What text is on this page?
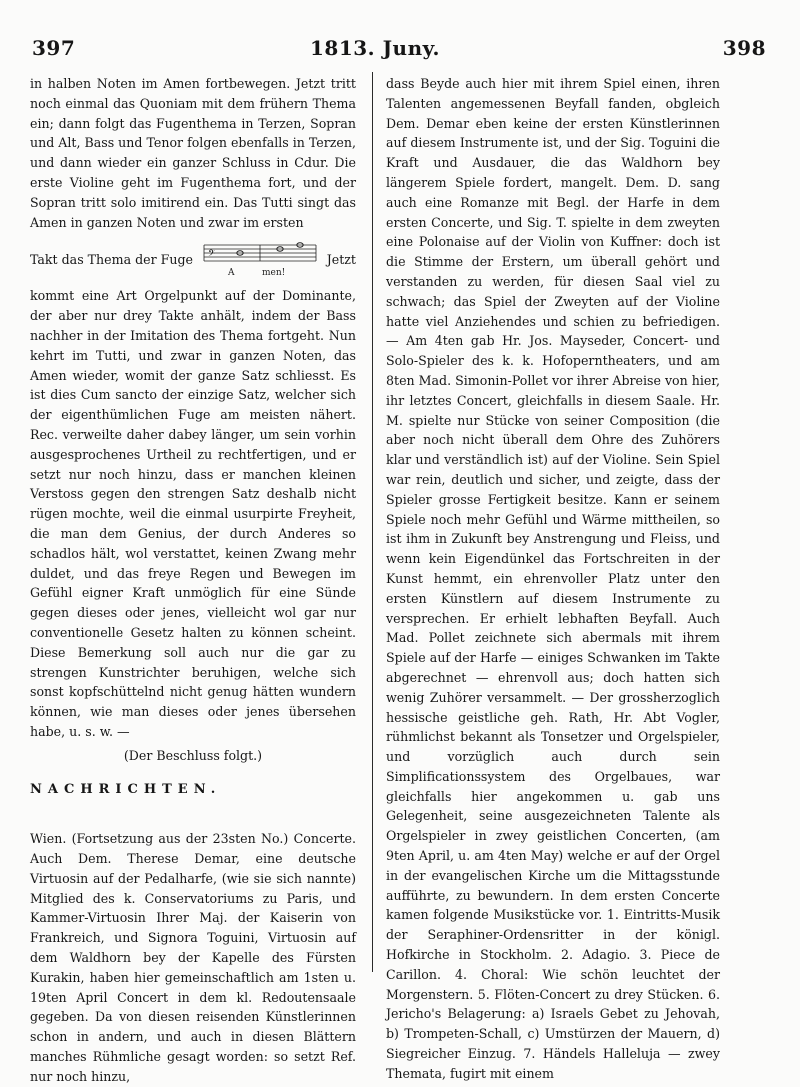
397	1813. Juny.	398

in halben Noten im Amen fortbewegen. Jetzt tritt noch einmal das Quoniam mit dem frühern Thema ein; dann folgt das Fugenthema in Terzen, Sopran und Alt, Bass und Tenor folgen ebenfalls in Terzen, und dann wieder ein ganzer Schluss in Cdur. Die erste Violine geht im Fugenthema fort, und der Sopran tritt solo imitirend ein. Das Tutti singt das Amen in ganzen Noten und zwar im ersten

Takt das Thema der Fuge 𝄢
A	men!
Jetzt

kommt eine Art Orgelpunkt auf der Dominante, der aber nur drey Takte anhält, indem der Bass nachher in der Imitation des Thema fortgeht. Nun kehrt im Tutti, und zwar in ganzen Noten, das Amen wieder, womit der ganze Satz schliesst. Es ist dies Cum sancto der einzige Satz, welcher sich der eigenthümlichen Fuge am meisten nähert. Rec. verweilte daher dabey länger, um sein vorhin ausgesprochenes Urtheil zu rechtfertigen, und er setzt nur noch hinzu, dass er manchen kleinen Verstoss gegen den strengen Satz deshalb nicht rügen mochte, weil die einmal usurpirte Freyheit, die man dem Genius, der durch Anderes so schadlos hält, wol verstattet, keinen Zwang mehr duldet, und das freye Regen und Bewegen im Gefühl eigner Kraft unmöglich für eine Sünde gegen dieses oder jenes, vielleicht wol gar nur conventionelle Gesetz halten zu können scheint. Diese Bemerkung soll auch nur die gar zu strengen Kunstrichter beruhigen, welche sich sonst kopfschüttelnd nicht genug hätten wundern können, wie man dieses oder jenes übersehen habe, u. s. w. —

(Der Beschluss folgt.)
NACHRICHTEN.

Wien. (Fortsetzung aus der 23sten No.) Concerte. Auch Dem. Therese Demar, eine deutsche Virtuosin auf der Pedalharfe, (wie sie sich nannte) Mitglied des k. Conservatoriums zu Paris, und Kammer-Virtuosin Ihrer Maj. der Kaiserin von Frankreich, und Signora Toguini, Virtuosin auf dem Waldhorn bey der Kapelle des Fürsten Kurakin, haben hier gemeinschaftlich am 1sten u. 19ten April Concert in dem kl. Redoutensaale gegeben. Da von diesen reisenden Künstlerinnen schon in andern, und auch in diesen Blättern manches Rühmliche gesagt worden: so setzt Ref. nur noch hinzu,

dass Beyde auch hier mit ihrem Spiel einen, ihren Talenten angemessenen Beyfall fanden, obgleich Dem. Demar eben keine der ersten Künstlerinnen auf diesem Instrumente ist, und der Sig. Toguini die Kraft und Ausdauer, die das Waldhorn bey längerem Spiele fordert, mangelt. Dem. D. sang auch eine Romanze mit Begl. der Harfe in dem ersten Concerte, und Sig. T. spielte in dem zweyten eine Polonaise auf der Violin von Kuffner: doch ist die Stimme der Erstern, um überall gehört und verstanden zu werden, für diesen Saal viel zu schwach; das Spiel der Zweyten auf der Violine hatte viel Anziehendes und schien zu befriedigen. — Am 4ten gab Hr. Jos. Mayseder, Concert- und Solo-Spieler des k. k. Hofoperntheaters, und am 8ten Mad. Simonin-Pollet vor ihrer Abreise von hier, ihr letztes Concert, gleichfalls in diesem Saale. Hr. M. spielte nur Stücke von seiner Composition (die aber noch nicht überall dem Ohre des Zuhörers klar und verständlich ist) auf der Violine. Sein Spiel war rein, deutlich und sicher, und zeigte, dass der Spieler grosse Fertigkeit besitze. Kann er seinem Spiele noch mehr Gefühl und Wärme mittheilen, so ist ihm in Zukunft bey Anstrengung und Fleiss, und wenn kein Eigendünkel das Fortschreiten in der Kunst hemmt, ein ehrenvoller Platz unter den ersten Künstlern auf diesem Instrumente zu versprechen. Er erhielt lebhaften Beyfall. Auch Mad. Pollet zeichnete sich abermals mit ihrem Spiele auf der Harfe — einiges Schwanken im Takte abgerechnet — ehrenvoll aus; doch hatten sich wenig Zuhörer versammelt. — Der grossherzoglich hessische geistliche geh. Rath, Hr. Abt Vogler, rühmlichst bekannt als Tonsetzer und Orgelspieler, und vorzüglich auch durch sein Simplificationssystem des Orgelbaues, war gleichfalls hier angekommen u. gab uns Gelegenheit, seine ausgezeichneten Talente als Orgelspieler in zwey geistlichen Concerten, (am 9ten April, u. am 4ten May) welche er auf der Orgel in der evangelischen Kirche um die Mittagsstunde aufführte, zu bewundern. In dem ersten Concerte kamen folgende Musikstücke vor. 1. Eintritts-Musik der Seraphiner-Ordensritter in der königl. Hofkirche in Stockholm. 2. Adagio. 3. Piece de Carillon. 4. Choral: Wie schön leuchtet der Morgenstern. 5. Flöten-Concert zu drey Stücken. 6. Jericho's Belagerung: a) Israels Gebet zu Jehovah, b) Trompeten-Schall, c) Umstürzen der Mauern, d) Siegreicher Einzug. 7. Händels Halleluja — zwey Themata, fugirt mit einem
